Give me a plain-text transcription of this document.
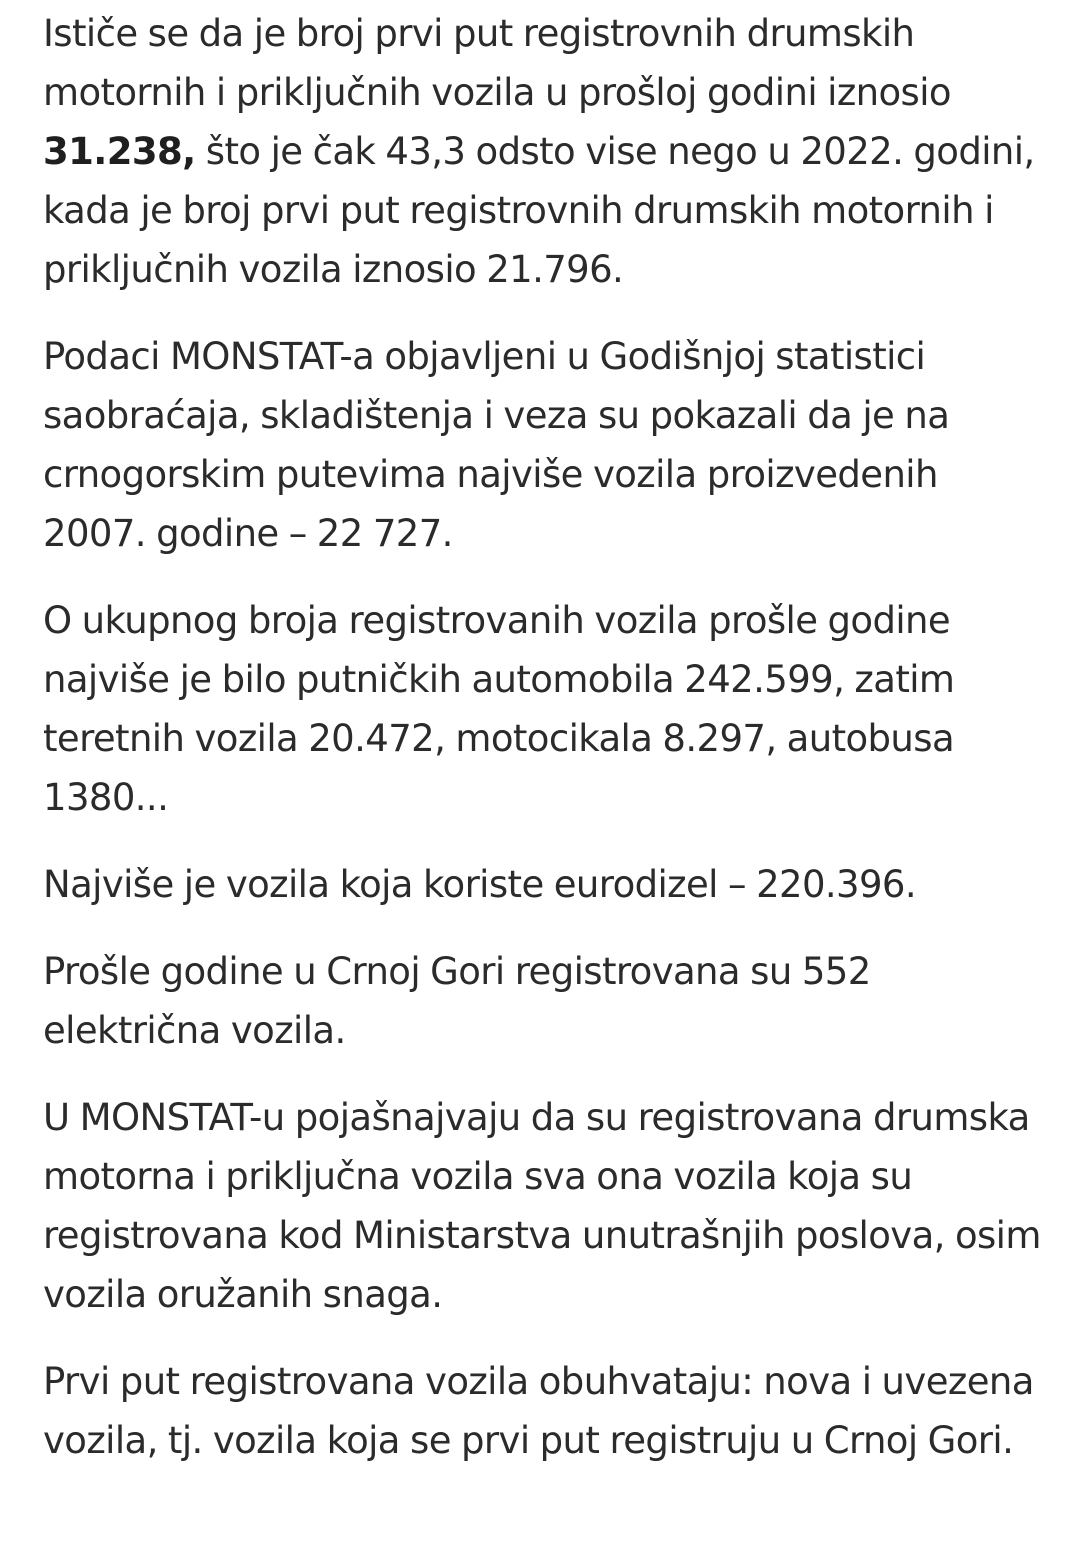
Ističe se da je broj prvi put registrovnih drumskih motornih i priključnih vozila u prošloj godini iznosio 31.238, što je čak 43,3 odsto vise nego u 2022. godini, kada je broj prvi put registrovnih drumskih motornih i priključnih vozila iznosio 21.796.

Podaci MONSTAT-a objavljeni u Godišnjoj statistici saobraćaja, skladištenja i veza su pokazali da je na crnogorskim putevima najviše vozila proizvedenih 2007. godine – 22 727.

O ukupnog broja registrovanih vozila prošle godine najviše je bilo putničkih automobila 242.599, zatim teretnih vozila 20.472, motocikala 8.297, autobusa 1380...

Najviše je vozila koja koriste eurodizel – 220.396.

Prošle godine u Crnoj Gori registrovana su 552 električna vozila.

U MONSTAT-u pojašnajvaju da su registrovana drumska motorna i priključna vozila sva ona vozila koja su registrovana kod Ministarstva unutrašnjih poslova, osim vozila oružanih snaga.

Prvi put registrovana vozila obuhvataju: nova i uvezena vozila, tj. vozila koja se prvi put registruju u Crnoj Gori.
